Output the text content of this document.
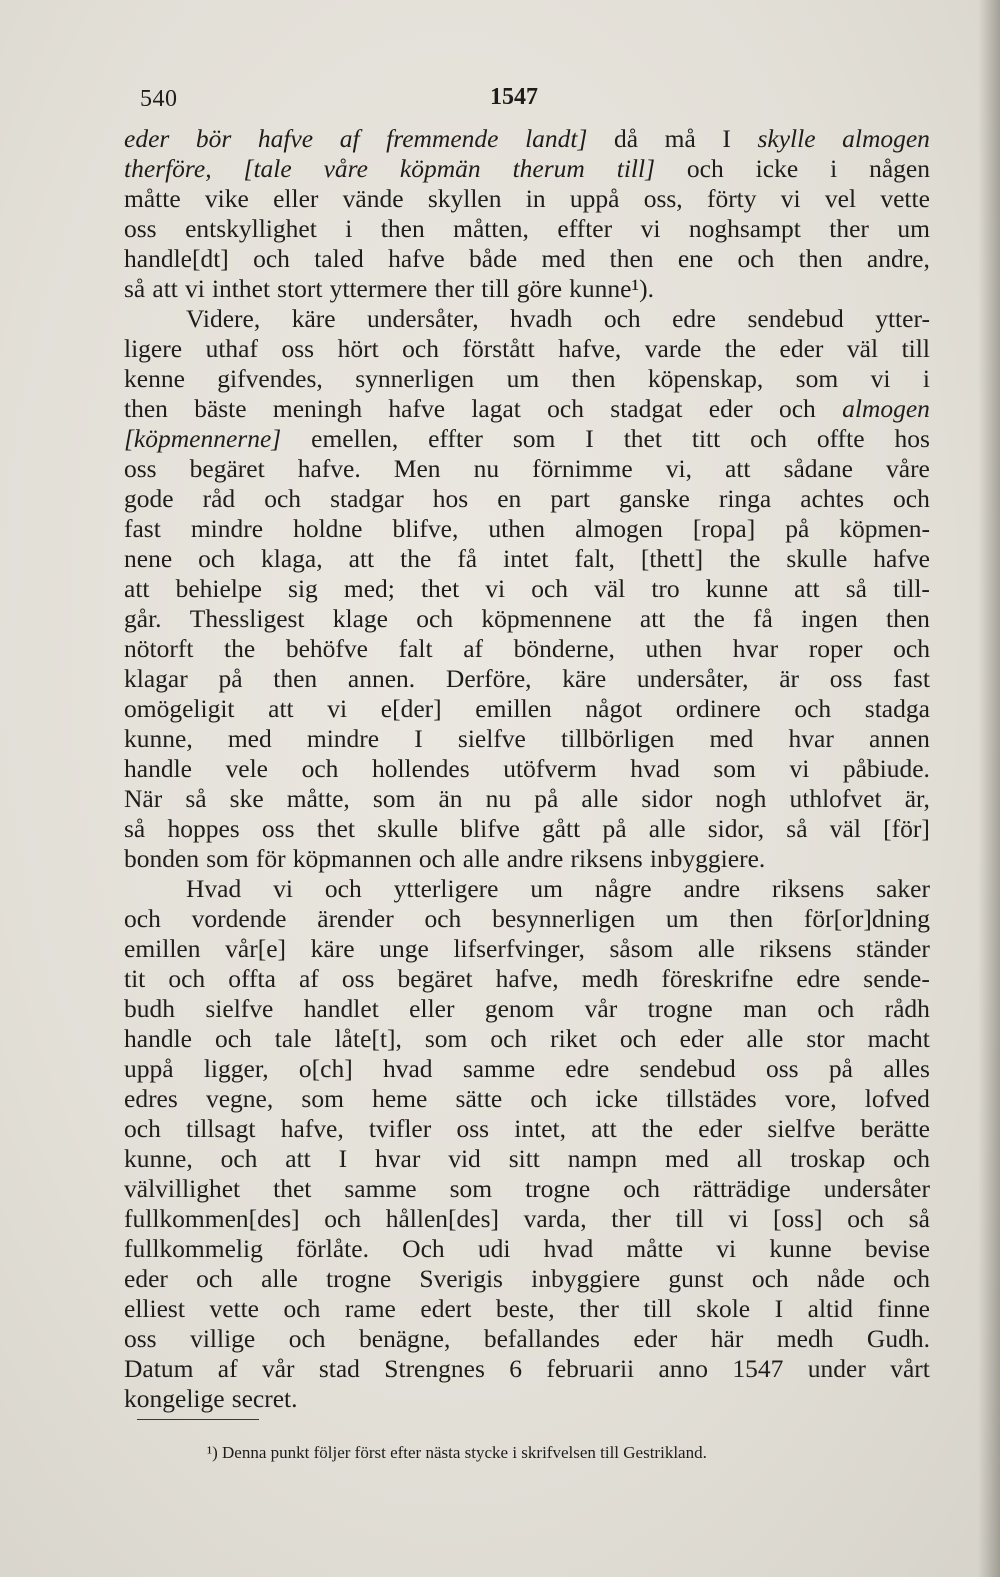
540	1547
eder bör hafve af fremmende landt] då må I skylle almogen
therföre, [tale våre köpmän therum till] och icke i någen
måtte vike eller vände skyllen in uppå oss, förty vi vel vette
oss entskyllighet i then måtten, effter vi noghsampt ther um
handle[dt] och taled hafve både med then ene och then andre,
så att vi inthet stort yttermere ther till göre kunne¹).
Videre, käre undersåter, hvadh och edre sendebud ytter-
ligere uthaf oss hört och förstått hafve, varde the eder väl till
kenne gifvendes, synnerligen um then köpenskap, som vi i
then bäste meningh hafve lagat och stadgat eder och almogen
[köpmennerne] emellen, effter som I thet titt och offte hos
oss begäret hafve. Men nu förnimme vi, att sådane våre
gode råd och stadgar hos en part ganske ringa achtes och
fast mindre holdne blifve, uthen almogen [ropa] på köpmen-
nene och klaga, att the få intet falt, [thett] the skulle hafve
att behielpe sig med; thet vi och väl tro kunne att så till-
går. Thessligest klage och köpmennene att the få ingen then
nötorft the behöfve falt af bönderne, uthen hvar roper och
klagar på then annen. Derföre, käre undersåter, är oss fast
omögeligit att vi e[der] emillen något ordinere och stadga
kunne, med mindre I sielfve tillbörligen med hvar annen
handle vele och hollendes utöfverm hvad som vi påbiude.
När så ske måtte, som än nu på alle sidor nogh uthlofvet är,
så hoppes oss thet skulle blifve gått på alle sidor, så väl [för]
bonden som för köpmannen och alle andre riksens inbyggiere.
Hvad vi och ytterligere um någre andre riksens saker
och vordende ärender och besynnerligen um then för[or]dning
emillen vår[e] käre unge lifserfvinger, såsom alle riksens ständer
tit och offta af oss begäret hafve, medh föreskrifne edre sende-
budh sielfve handlet eller genom vår trogne man och rådh
handle och tale låte[t], som och riket och eder alle stor macht
uppå ligger, o[ch] hvad samme edre sendebud oss på alles
edres vegne, som heme sätte och icke tillstädes vore, lofved
och tillsagt hafve, tvifler oss intet, att the eder sielfve berätte
kunne, och att I hvar vid sitt nampn med all troskap och
välvillighet thet samme som trogne och rätträdige undersåter
fullkommen[des] och hållen[des] varda, ther till vi [oss] och så
fullkommelig förlåte. Och udi hvad måtte vi kunne bevise
eder och alle trogne Sverigis inbyggiere gunst och nåde och
elliest vette och rame edert beste, ther till skole I altid finne
oss villige och benägne, befallandes eder här medh Gudh.
Datum af vår stad Strengnes 6 februarii anno 1547 under vårt
kongelige secret.
¹) Denna punkt följer först efter nästa stycke i skrifvelsen till Gestrikland.
